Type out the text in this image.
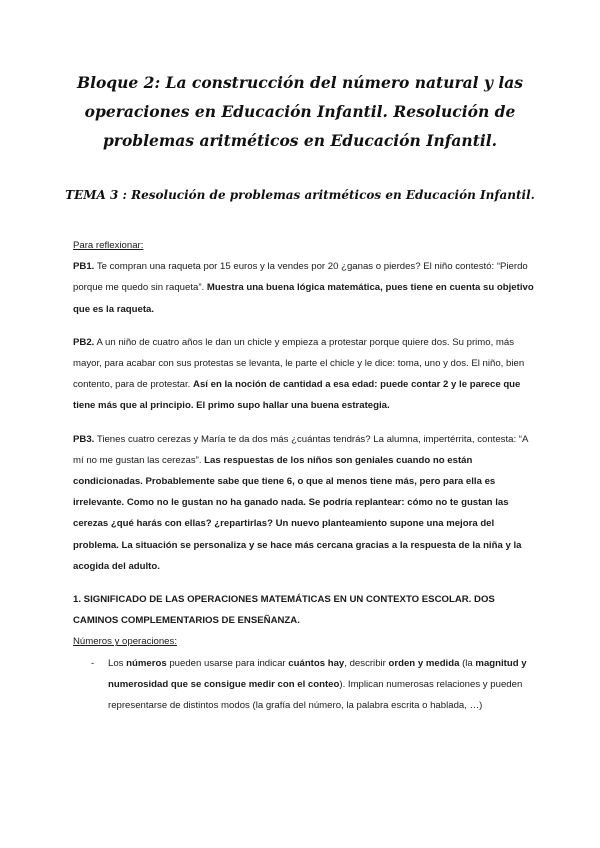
Bloque 2: La construcción del número natural y las operaciones en Educación Infantil. Resolución de problemas aritméticos en Educación Infantil.
TEMA 3 : Resolución de problemas aritméticos en Educación Infantil.

Para reflexionar:

PB1. Te compran una raqueta por 15 euros y la vendes por 20 ¿ganas o pierdes? El niño contestó: “Pierdo porque me quedo sin raqueta”. Muestra una buena lógica matemática, pues tiene en cuenta su objetivo que es la raqueta.

PB2. A un niño de cuatro años le dan un chicle y empieza a protestar porque quiere dos. Su primo, más mayor, para acabar con sus protestas se levanta, le parte el chicle y le dice: toma, uno y dos. El niño, bien contento, para de protestar. Así en la noción de cantidad a esa edad: puede contar 2 y le parece que tiene más que al principio. El primo supo hallar una buena estrategia.

PB3. Tienes cuatro cerezas y María te da dos más ¿cuántas tendrás? La alumna, impertérrita, contesta: “A mí no me gustan las cerezas”. Las respuestas de los niños son geniales cuando no están condicionadas. Probablemente sabe que tiene 6, o que al menos tiene más, pero para ella es irrelevante. Como no le gustan no ha ganado nada. Se podría replantear: cómo no te gustan las cerezas ¿qué harás con ellas? ¿repartirlas? Un nuevo planteamiento supone una mejora del problema. La situación se personaliza y se hace más cercana gracias a la respuesta de la niña y la acogida del adulto.

1. SIGNIFICADO DE LAS OPERACIONES MATEMÁTICAS EN UN CONTEXTO ESCOLAR. DOS CAMINOS COMPLEMENTARIOS DE ENSEÑANZA.

Números y operaciones:

- Los números pueden usarse para indicar cuántos hay, describir orden y medida (la magnitud y numerosidad que se consigue medir con el conteo). Implican numerosas relaciones y pueden representarse de distintos modos (la grafía del número, la palabra escrita o hablada, …)
